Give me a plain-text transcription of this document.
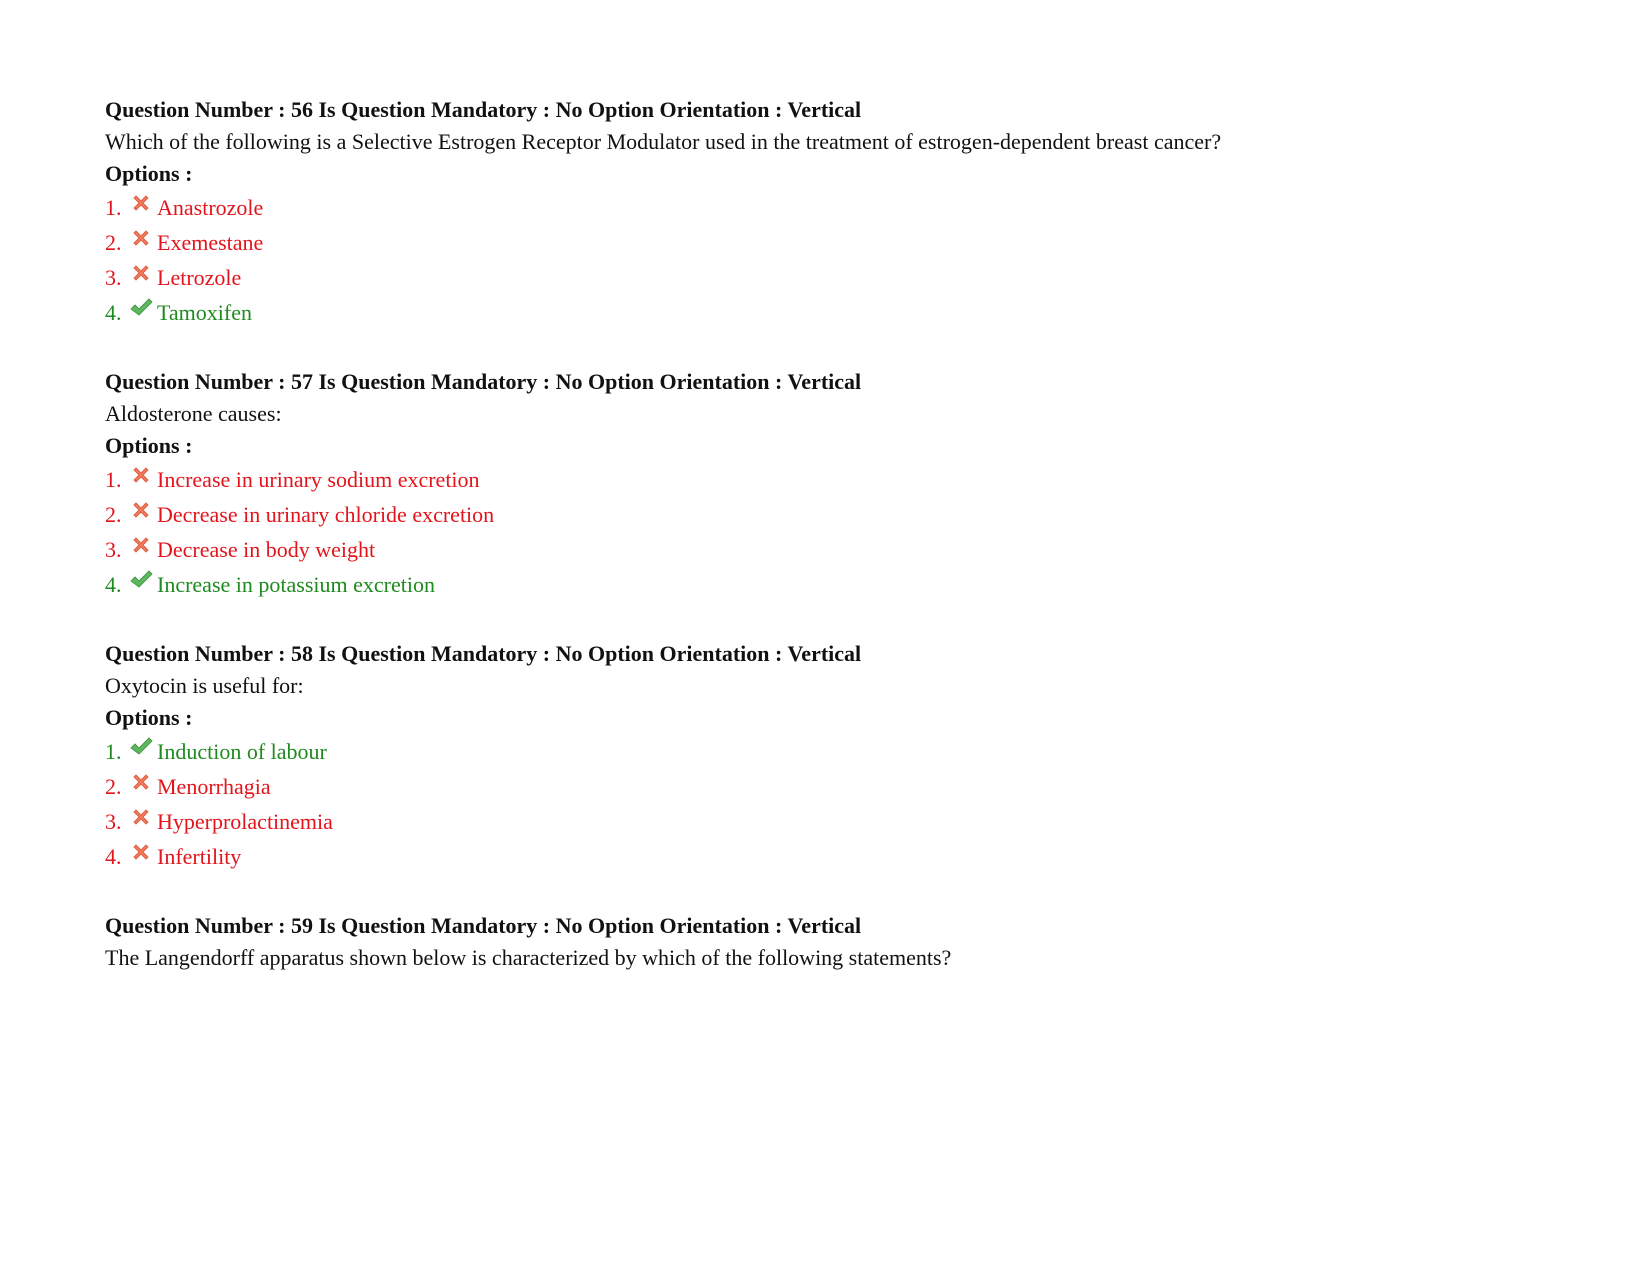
Question Number : 56 Is Question Mandatory : No Option Orientation : Vertical
Which of the following is a Selective Estrogen Receptor Modulator used in the treatment of estrogen-dependent breast cancer?
Options :
1.	Anastrozole
2.	Exemestane
3.	Letrozole
4.	Tamoxifen
Question Number : 57 Is Question Mandatory : No Option Orientation : Vertical
Aldosterone causes:
Options :
1.	Increase in urinary sodium excretion
2.	Decrease in urinary chloride excretion
3.	Decrease in body weight
4.	Increase in potassium excretion
Question Number : 58 Is Question Mandatory : No Option Orientation : Vertical
Oxytocin is useful for:
Options :
1.	Induction of labour
2.	Menorrhagia
3.	Hyperprolactinemia
4.	Infertility
Question Number : 59 Is Question Mandatory : No Option Orientation : Vertical
The Langendorff apparatus shown below is characterized by which of the following statements?
